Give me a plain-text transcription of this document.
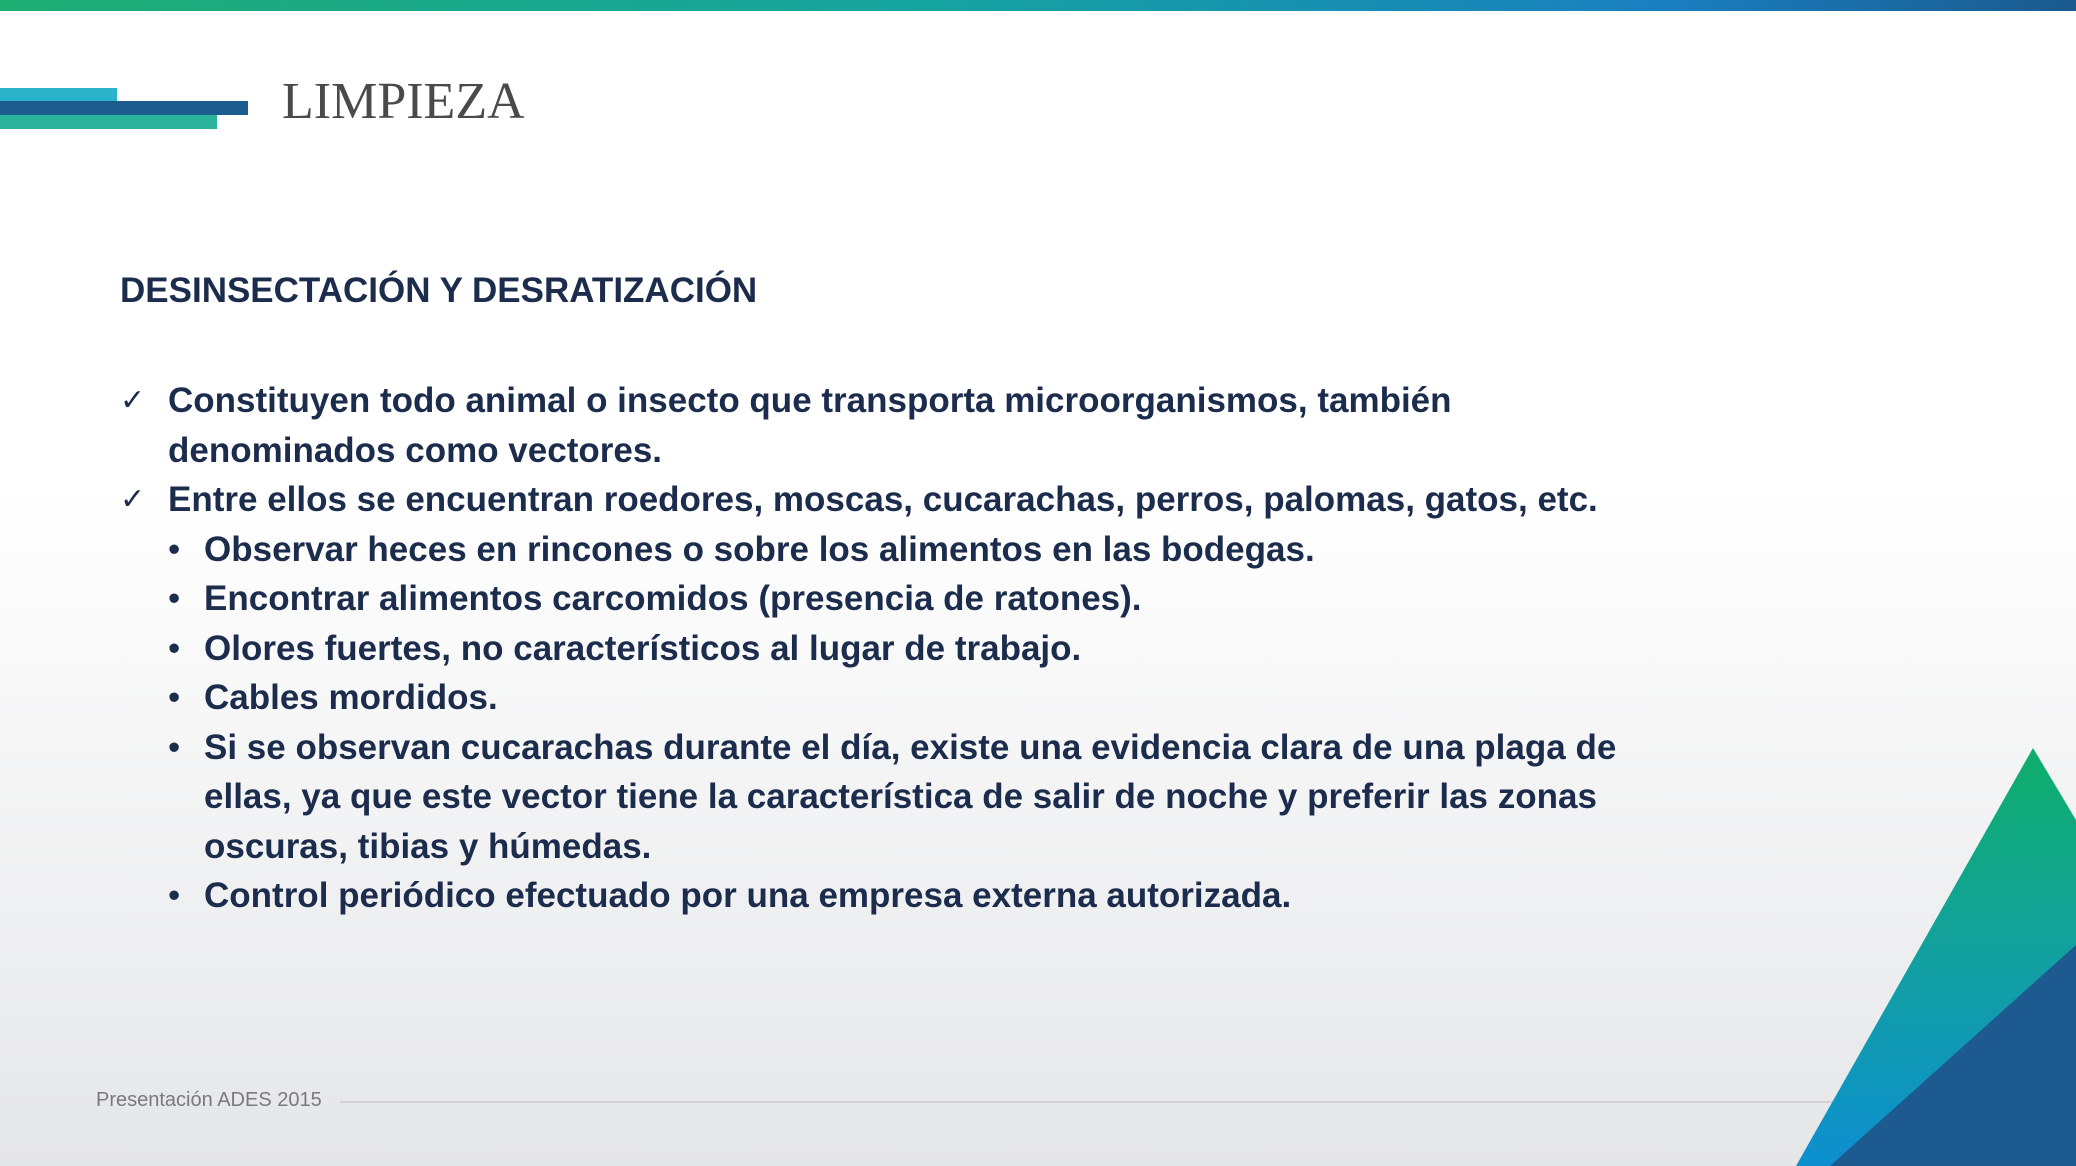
LIMPIEZA
DESINSECTACIÓN Y DESRATIZACIÓN

✓ Constituyen todo animal o insecto que transporta microorganismos, también denominados como vectores.

✓ Entre ellos se encuentran roedores, moscas, cucarachas, perros, palomas, gatos, etc.

• Observar heces en rincones o sobre los alimentos en las bodegas.

• Encontrar alimentos carcomidos (presencia de ratones).

• Olores fuertes, no característicos al lugar de trabajo.

• Cables mordidos.

• Si se observan cucarachas durante el día, existe una evidencia clara de una plaga de ellas, ya que este vector tiene la característica de salir de noche y preferir las zonas oscuras, tibias y húmedas.

• Control periódico efectuado por una empresa externa autorizada.

Presentación ADES 2015
